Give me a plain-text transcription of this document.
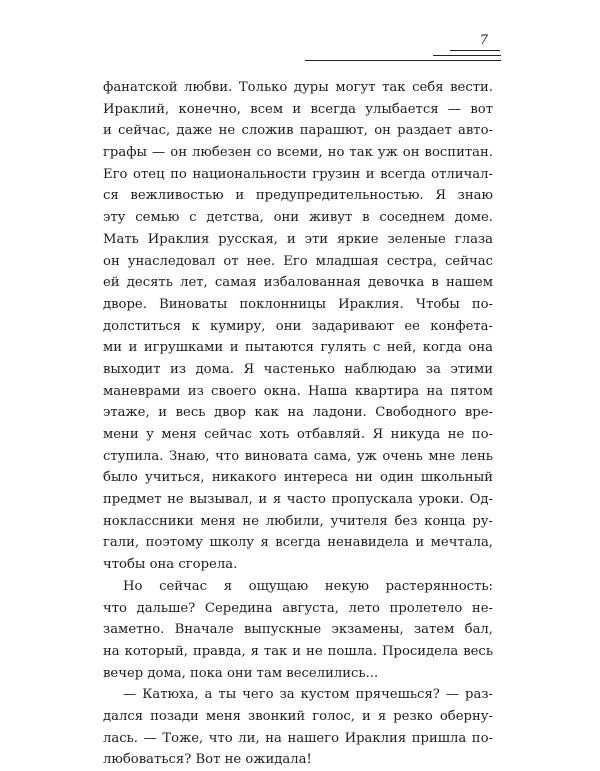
7
фанатской любви. Только дуры могут так себя вести.
Ираклий, конечно, всем и всегда улыбается — вот
и сейчас, даже не сложив парашют, он раздает авто-
графы — он любезен со всеми, но так уж он воспитан.
Его отец по национальности грузин и всегда отличал-
ся вежливостью и предупредительностью. Я знаю
эту семью с детства, они живут в соседнем доме.
Мать Ираклия русская, и эти яркие зеленые глаза
он унаследовал от нее. Его младшая сестра, сейчас
ей десять лет, самая избалованная девочка в нашем
дворе. Виноваты поклонницы Ираклия. Чтобы по-
долститься к кумиру, они задаривают ее конфета-
ми и игрушками и пытаются гулять с ней, когда она
выходит из дома. Я частенько наблюдаю за этими
маневрами из своего окна. Наша квартира на пятом
этаже, и весь двор как на ладони. Свободного вре-
мени у меня сейчас хоть отбавляй. Я никуда не по-
ступила. Знаю, что виновата сама, уж очень мне лень
было учиться, никакого интереса ни один школьный
предмет не вызывал, и я часто пропускала уроки. Од-
ноклассники меня не любили, учителя без конца ру-
гали, поэтому школу я всегда ненавидела и мечтала,
чтобы она сгорела.
Но сейчас я ощущаю некую растерянность:
что дальше? Середина августа, лето пролетело не-
заметно. Вначале выпускные экзамены, затем бал,
на который, правда, я так и не пошла. Просидела весь
вечер дома, пока они там веселились...
— Катюха, а ты чего за кустом прячешься? — раз-
дался позади меня звонкий голос, и я резко оберну-
лась. — Тоже, что ли, на нашего Ираклия пришла по-
любоваться? Вот не ожидала!
